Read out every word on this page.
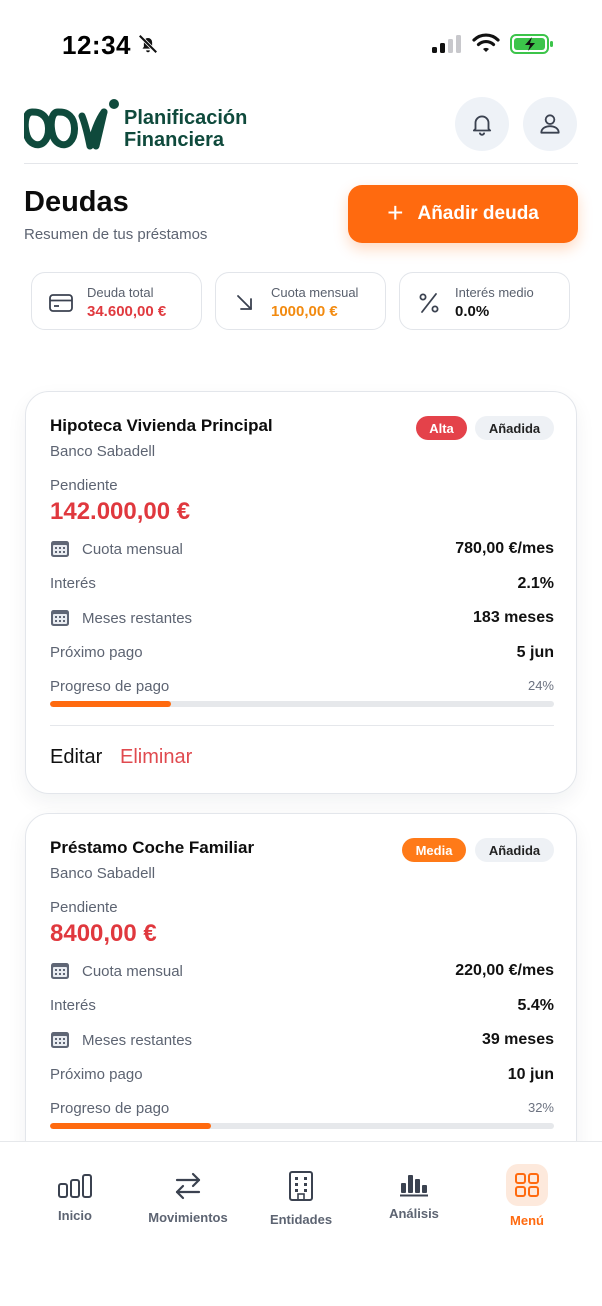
12:34
Planificación
Financiera
Deudas
Resumen de tus préstamos
+ Añadir deuda
Deuda total
34.600,00 €
Cuota mensual
1000,00 €
Interés medio
0.0%
Hipoteca Vivienda Principal	Alta	Añadida
Banco Sabadell
Pendiente
142.000,00 €
Cuota mensual	780,00 €/mes
Interés	2.1%
Meses restantes	183 meses
Próximo pago	5 jun
Progreso de pago	24%
Editar Eliminar
Préstamo Coche Familiar	Media	Añadida
Banco Sabadell
Pendiente
8400,00 €
Cuota mensual	220,00 €/mes
Interés	5.4%
Meses restantes	39 meses
Próximo pago	10 jun
Progreso de pago	32%
Inicio	Movimientos	Entidades	Análisis	Menú
